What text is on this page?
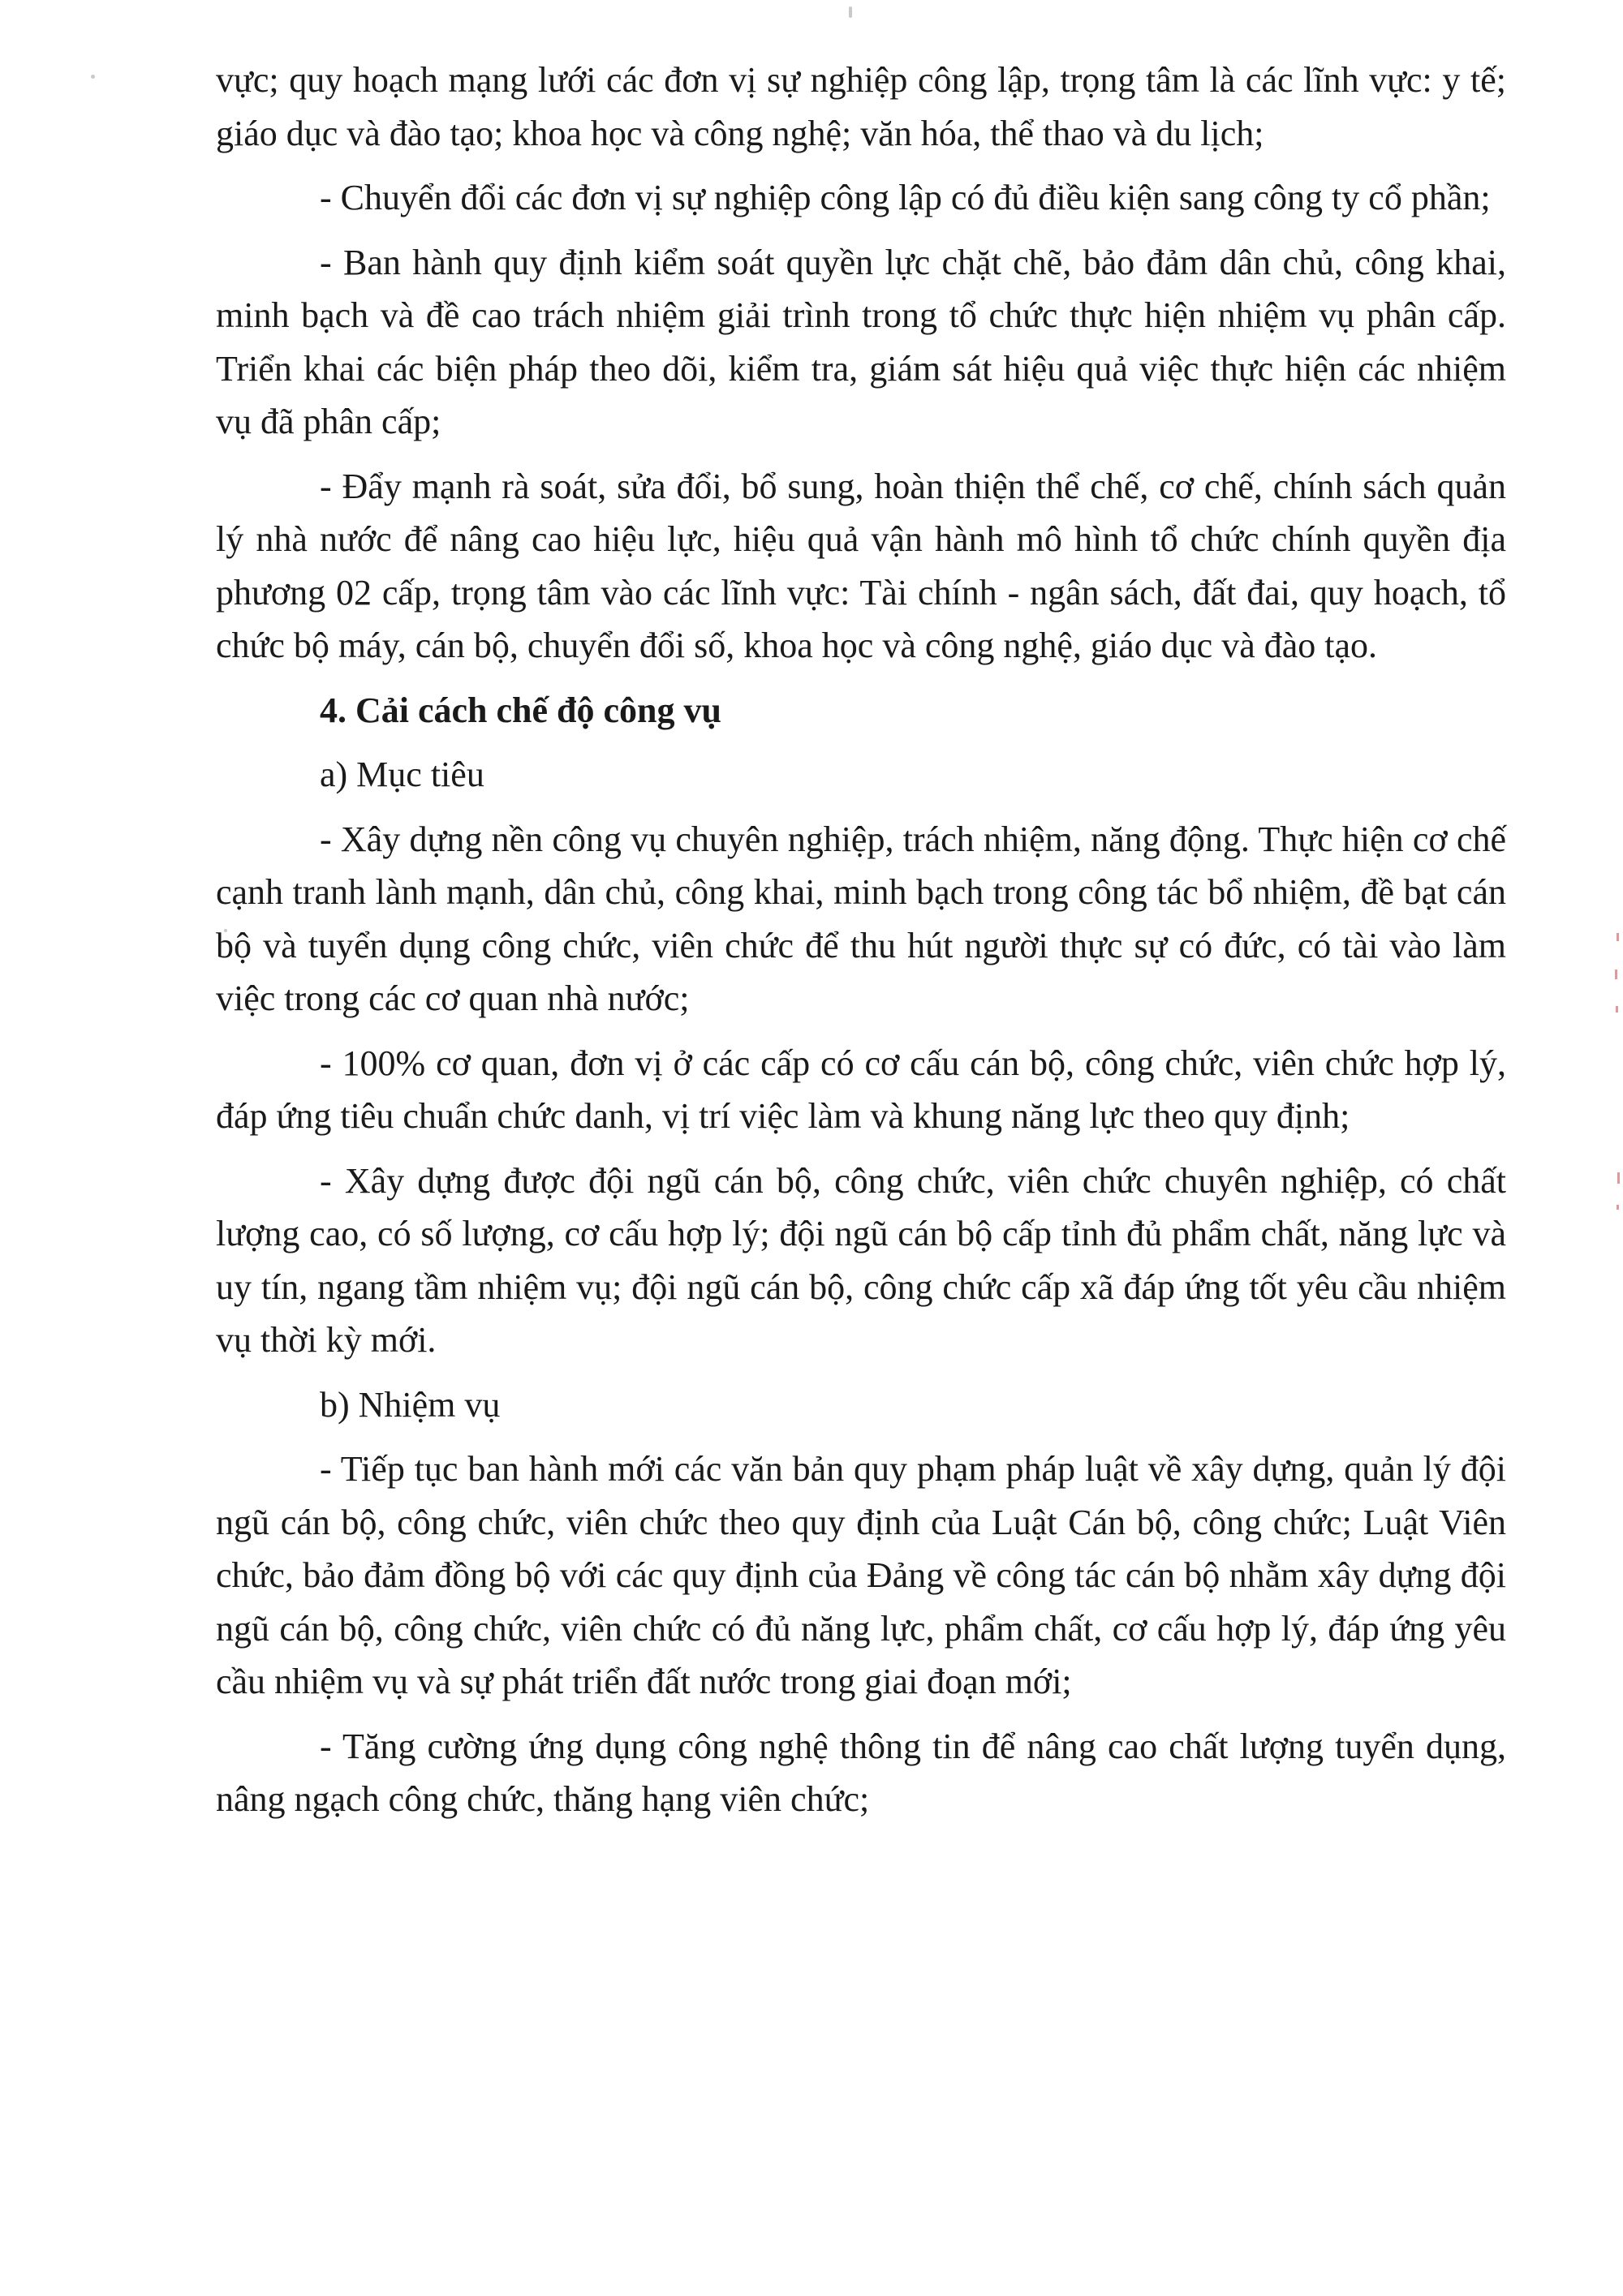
vực; quy hoạch mạng lưới các đơn vị sự nghiệp công lập, trọng tâm là các lĩnh vực: y tế; giáo dục và đào tạo; khoa học và công nghệ; văn hóa, thể thao và du lịch;

- Chuyển đổi các đơn vị sự nghiệp công lập có đủ điều kiện sang công ty cổ phần;

- Ban hành quy định kiểm soát quyền lực chặt chẽ, bảo đảm dân chủ, công khai, minh bạch và đề cao trách nhiệm giải trình trong tổ chức thực hiện nhiệm vụ phân cấp. Triển khai các biện pháp theo dõi, kiểm tra, giám sát hiệu quả việc thực hiện các nhiệm vụ đã phân cấp;

- Đẩy mạnh rà soát, sửa đổi, bổ sung, hoàn thiện thể chế, cơ chế, chính sách quản lý nhà nước để nâng cao hiệu lực, hiệu quả vận hành mô hình tổ chức chính quyền địa phương 02 cấp, trọng tâm vào các lĩnh vực: Tài chính - ngân sách, đất đai, quy hoạch, tổ chức bộ máy, cán bộ, chuyển đổi số, khoa học và công nghệ, giáo dục và đào tạo.

4. Cải cách chế độ công vụ

a) Mục tiêu

- Xây dựng nền công vụ chuyên nghiệp, trách nhiệm, năng động. Thực hiện cơ chế cạnh tranh lành mạnh, dân chủ, công khai, minh bạch trong công tác bổ nhiệm, đề bạt cán bộ và tuyển dụng công chức, viên chức để thu hút người thực sự có đức, có tài vào làm việc trong các cơ quan nhà nước;

- 100% cơ quan, đơn vị ở các cấp có cơ cấu cán bộ, công chức, viên chức hợp lý, đáp ứng tiêu chuẩn chức danh, vị trí việc làm và khung năng lực theo quy định;

- Xây dựng được đội ngũ cán bộ, công chức, viên chức chuyên nghiệp, có chất lượng cao, có số lượng, cơ cấu hợp lý; đội ngũ cán bộ cấp tỉnh đủ phẩm chất, năng lực và uy tín, ngang tầm nhiệm vụ; đội ngũ cán bộ, công chức cấp xã đáp ứng tốt yêu cầu nhiệm vụ thời kỳ mới.

b) Nhiệm vụ

- Tiếp tục ban hành mới các văn bản quy phạm pháp luật về xây dựng, quản lý đội ngũ cán bộ, công chức, viên chức theo quy định của Luật Cán bộ, công chức; Luật Viên chức, bảo đảm đồng bộ với các quy định của Đảng về công tác cán bộ nhằm xây dựng đội ngũ cán bộ, công chức, viên chức có đủ năng lực, phẩm chất, cơ cấu hợp lý, đáp ứng yêu cầu nhiệm vụ và sự phát triển đất nước trong giai đoạn mới;

- Tăng cường ứng dụng công nghệ thông tin để nâng cao chất lượng tuyển dụng, nâng ngạch công chức, thăng hạng viên chức;
